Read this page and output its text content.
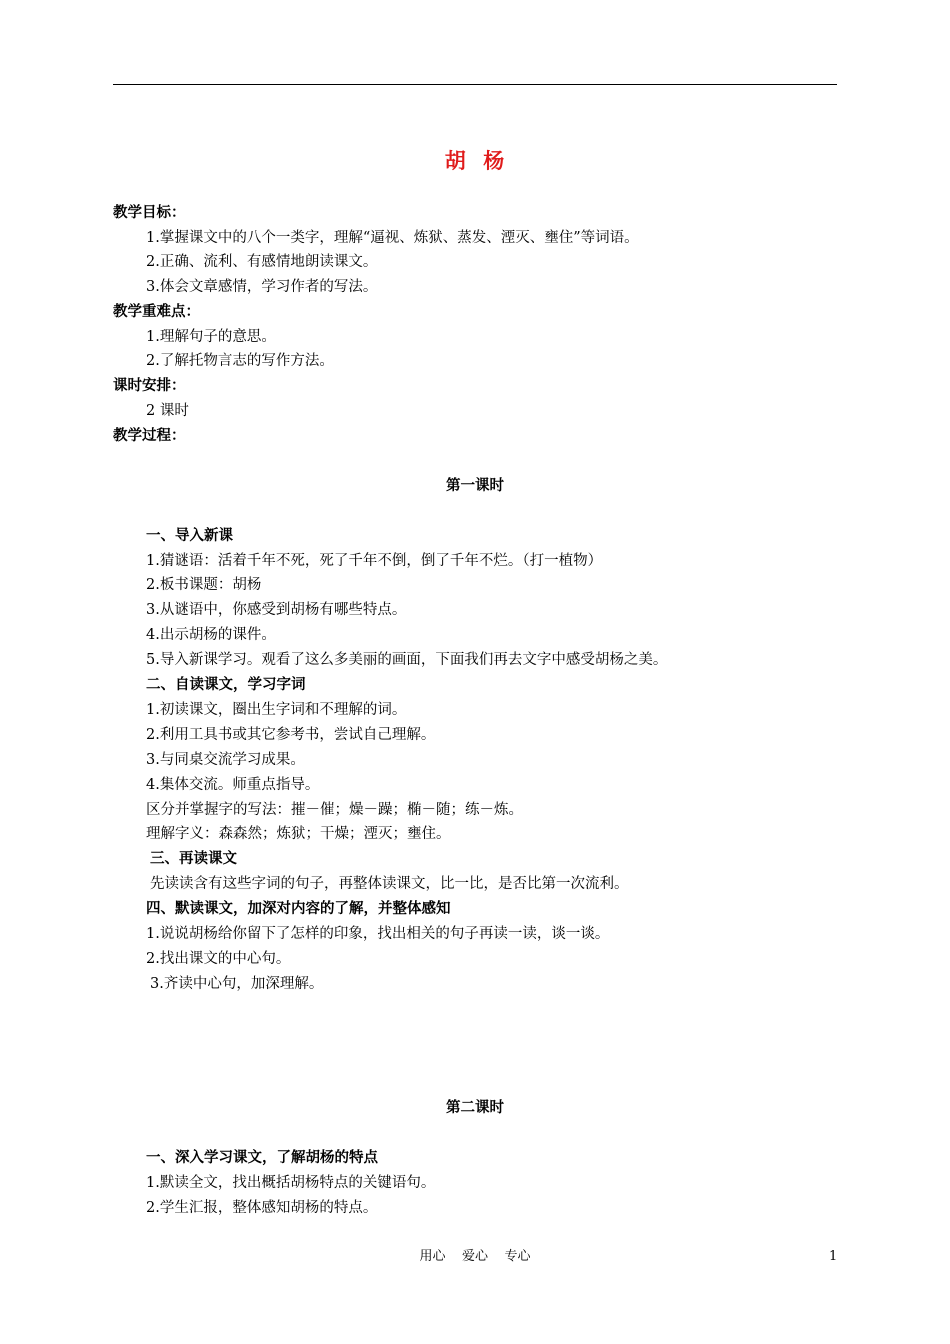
胡  杨
教学目标：
1.掌握课文中的八个一类字，理解“逼视、炼狱、蒸发、湮灭、壅住”等词语。
2.正确、流利、有感情地朗读课文。
3.体会文章感情，学习作者的写法。
教学重难点：
1.理解句子的意思。
2.了解托物言志的写作方法。
课时安排：
2 课时
教学过程：
第一课时
一、导入新课
1.猜谜语：活着千年不死，死了千年不倒，倒了千年不烂。（打一植物）
2.板书课题：胡杨
3.从谜语中，你感受到胡杨有哪些特点。
4.出示胡杨的课件。
5.导入新课学习。观看了这么多美丽的画面，下面我们再去文字中感受胡杨之美。
二、自读课文，学习字词
1.初读课文，圈出生字词和不理解的词。
2.利用工具书或其它参考书，尝试自己理解。
3.与同桌交流学习成果。
4.集体交流。师重点指导。
区分并掌握字的写法：摧－催；燥－躁；椭－随；练－炼。
理解字义：森森然；炼狱；干燥；湮灭；壅住。
三、再读课文
先读读含有这些字词的句子，再整体读课文，比一比，是否比第一次流利。
四、默读课文，加深对内容的了解，并整体感知
1.说说胡杨给你留下了怎样的印象，找出相关的句子再读一读，谈一谈。
2.找出课文的中心句。
3.齐读中心句，加深理解。
第二课时
一、深入学习课文，了解胡杨的特点
1.默读全文，找出概括胡杨特点的关键语句。
2.学生汇报，整体感知胡杨的特点。
用心    爱心    专心	1
